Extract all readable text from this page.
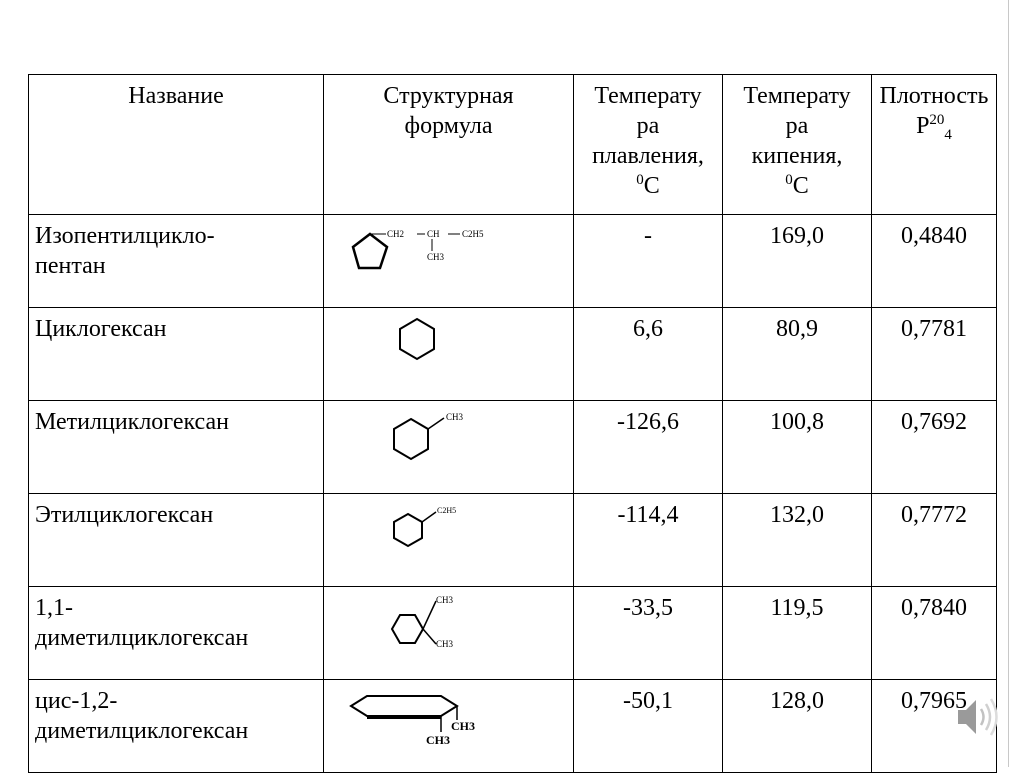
Название	Структурная формула	Температу
ра
плавления,
$^0$С	Температу
ра
кипения,
$^0$С	Плотность
$P^{20}_4$
Изопентилцикло-
пентан	CH2 CH C2H5
CH3	-	169,0	0,4840
Циклогексан		6,6	80,9	0,7781
Метилциклогексан	CH3	-126,6	100,8	0,7692
Этилциклогексан	C2H5	-114,4	132,0	0,7772
1,1-
диметилциклогексан	CH3
CH3	-33,5	119,5	0,7840
цис-1,2-
диметилциклогексан	CH3
CH3	-50,1	128,0	0,7965
